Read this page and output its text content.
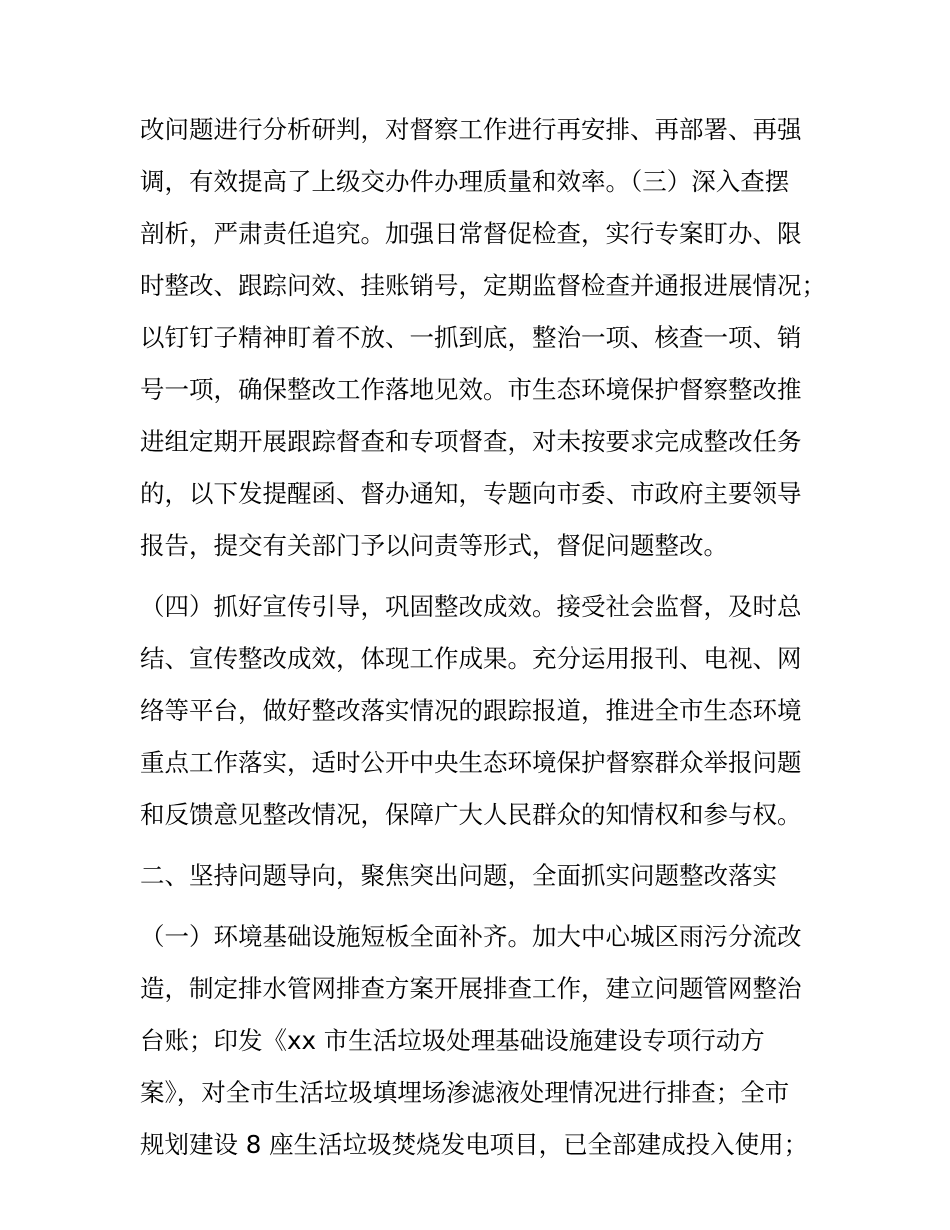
改问题进行分析研判，对督察工作进行再安排、再部署、再强
调，有效提高了上级交办件办理质量和效率。（三）深入查摆
剖析，严肃责任追究。加强日常督促检查，实行专案盯办、限
时整改、跟踪问效、挂账销号，定期监督检查并通报进展情况；
以钉钉子精神盯着不放、一抓到底，整治一项、核查一项、销
号一项，确保整改工作落地见效。市生态环境保护督察整改推
进组定期开展跟踪督查和专项督查，对未按要求完成整改任务
的，以下发提醒函、督办通知，专题向市委、市政府主要领导
报告，提交有关部门予以问责等形式，督促问题整改。
（四）抓好宣传引导，巩固整改成效。接受社会监督，及时总
结、宣传整改成效，体现工作成果。充分运用报刊、电视、网
络等平台，做好整改落实情况的跟踪报道，推进全市生态环境
重点工作落实，适时公开中央生态环境保护督察群众举报问题
和反馈意见整改情况，保障广大人民群众的知情权和参与权。
二、坚持问题导向，聚焦突出问题，全面抓实问题整改落实
（一）环境基础设施短板全面补齐。加大中心城区雨污分流改
造，制定排水管网排查方案开展排查工作，建立问题管网整治
台账；印发《xx 市生活垃圾处理基础设施建设专项行动方
案》，对全市生活垃圾填埋场渗滤液处理情况进行排查；全市
规划建设 8 座生活垃圾焚烧发电项目，已全部建成投入使用；
